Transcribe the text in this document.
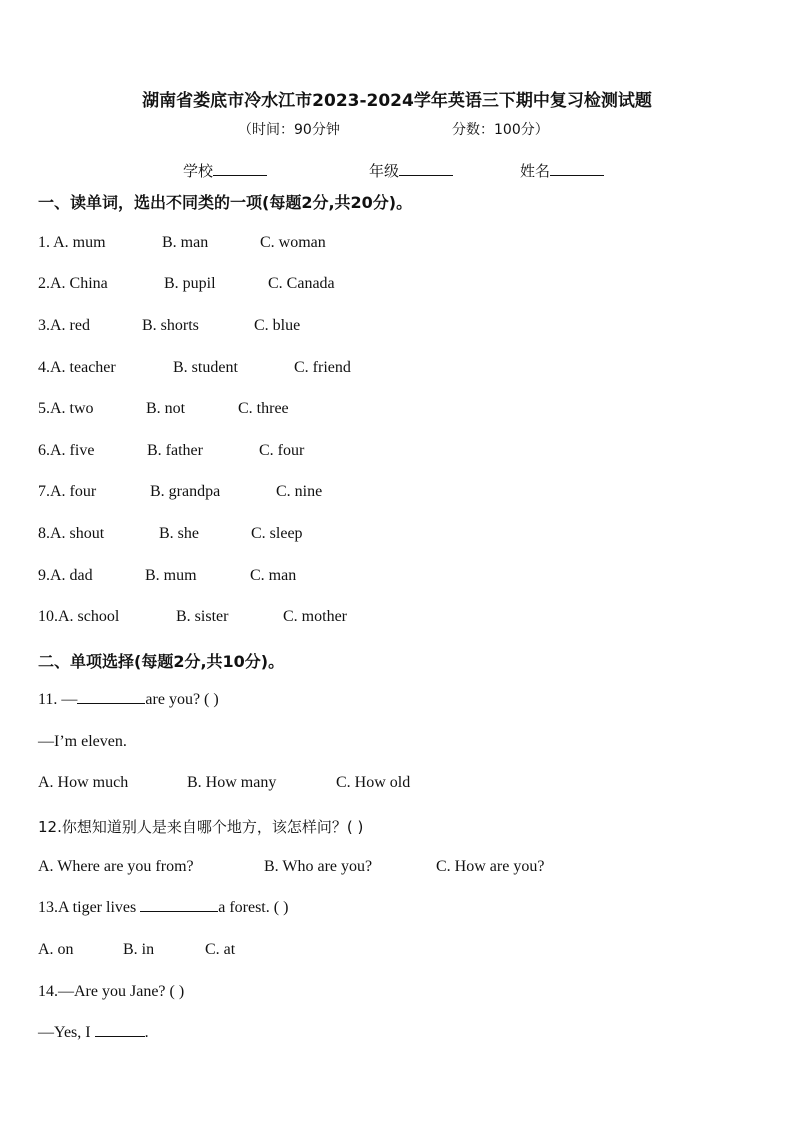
湖南省娄底市冷水江市2023-2024学年英语三下期中复习检测试题
（时间：90分钟	分数：100分）
学校	年级	姓名
一、读单词，选出不同类的一项(每题2分,共20分)。
1. A. mum	B. man	C. woman
2.A. China	B. pupil	C. Canada
3.A. red	B. shorts	C. blue
4.A. teacher	B. student	C. friend
5.A. two	B. not	C. three
6.A. five	B. father	C. four
7.A. four	B. grandpa	C. nine
8.A. shout	B. she	C. sleep
9.A. dad	B. mum	C. man
10.A. school	B. sister	C. mother
二、单项选择(每题2分,共10分)。
11. —	are you? ( )
—I’m eleven.
A. How much	B. How many	C. How old
12.你想知道别人是来自哪个地方，该怎样问？( )
A. Where are you from?	B. Who are you?	C. How are you?
13.A tiger lives	a forest. ( )
A. on	B. in	C. at
14.—Are you Jane? ( )
—Yes, I	.
